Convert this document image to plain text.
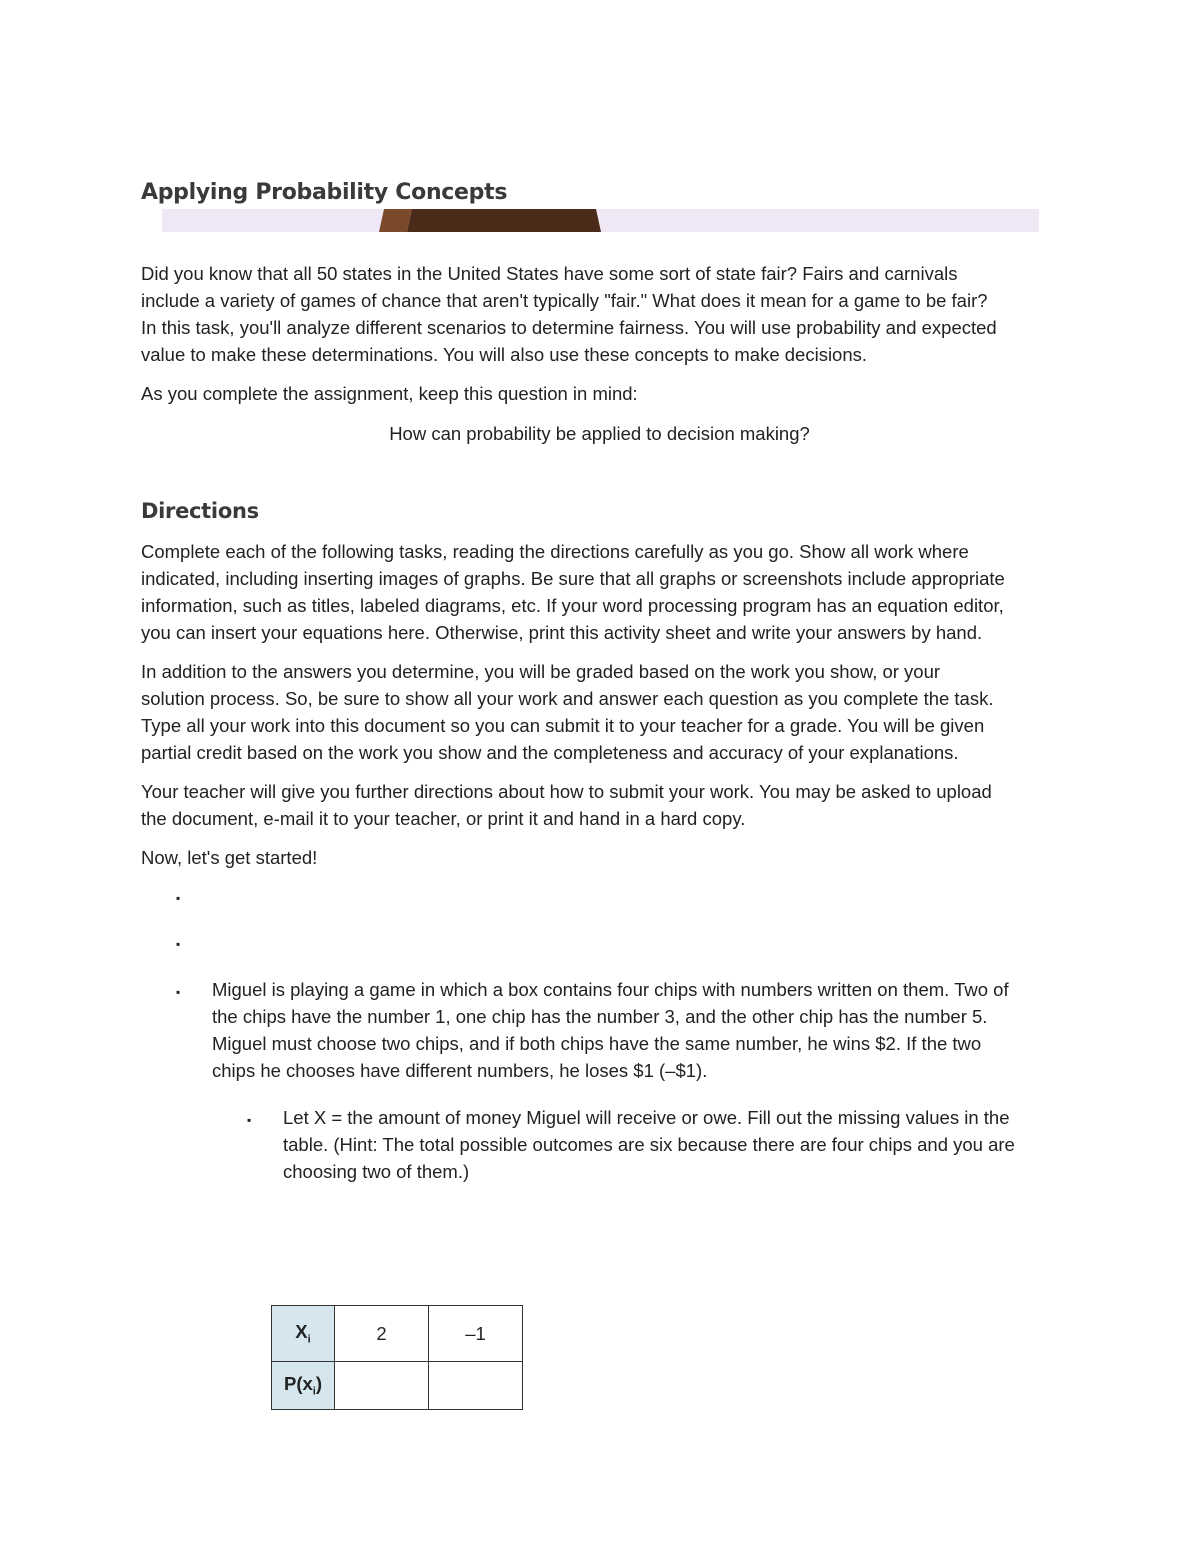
Applying Probability Concepts

Did you know that all 50 states in the United States have some sort of state fair? Fairs and carnivals
include a variety of games of chance that aren't typically "fair." What does it mean for a game to be fair?
In this task, you'll analyze different scenarios to determine fairness. You will use probability and expected
value to make these determinations. You will also use these concepts to make decisions.

As you complete the assignment, keep this question in mind:

How can probability be applied to decision making?

Directions

Complete each of the following tasks, reading the directions carefully as you go. Show all work where
indicated, including inserting images of graphs. Be sure that all graphs or screenshots include appropriate
information, such as titles, labeled diagrams, etc. If your word processing program has an equation editor,
you can insert your equations here. Otherwise, print this activity sheet and write your answers by hand.

In addition to the answers you determine, you will be graded based on the work you show, or your
solution process. So, be sure to show all your work and answer each question as you complete the task.
Type all your work into this document so you can submit it to your teacher for a grade. You will be given
partial credit based on the work you show and the completeness and accuracy of your explanations.

Your teacher will give you further directions about how to submit your work. You may be asked to upload
the document, e-mail it to your teacher, or print it and hand in a hard copy.

Now, let's get started!

▪
▪
▪ Miguel is playing a game in which a box contains four chips with numbers written on them. Two of
the chips have the number 1, one chip has the number 3, and the other chip has the number 5.
Miguel must choose two chips, and if both chips have the same number, he wins $2. If the two
chips he chooses have different numbers, he loses $1 (–$1).

▪ Let X = the amount of money Miguel will receive or owe. Fill out the missing values in the
table. (Hint: The total possible outcomes are six because there are four chips and you are
choosing two of them.)

$X_i$	2	–1
$P(x_i)$		
